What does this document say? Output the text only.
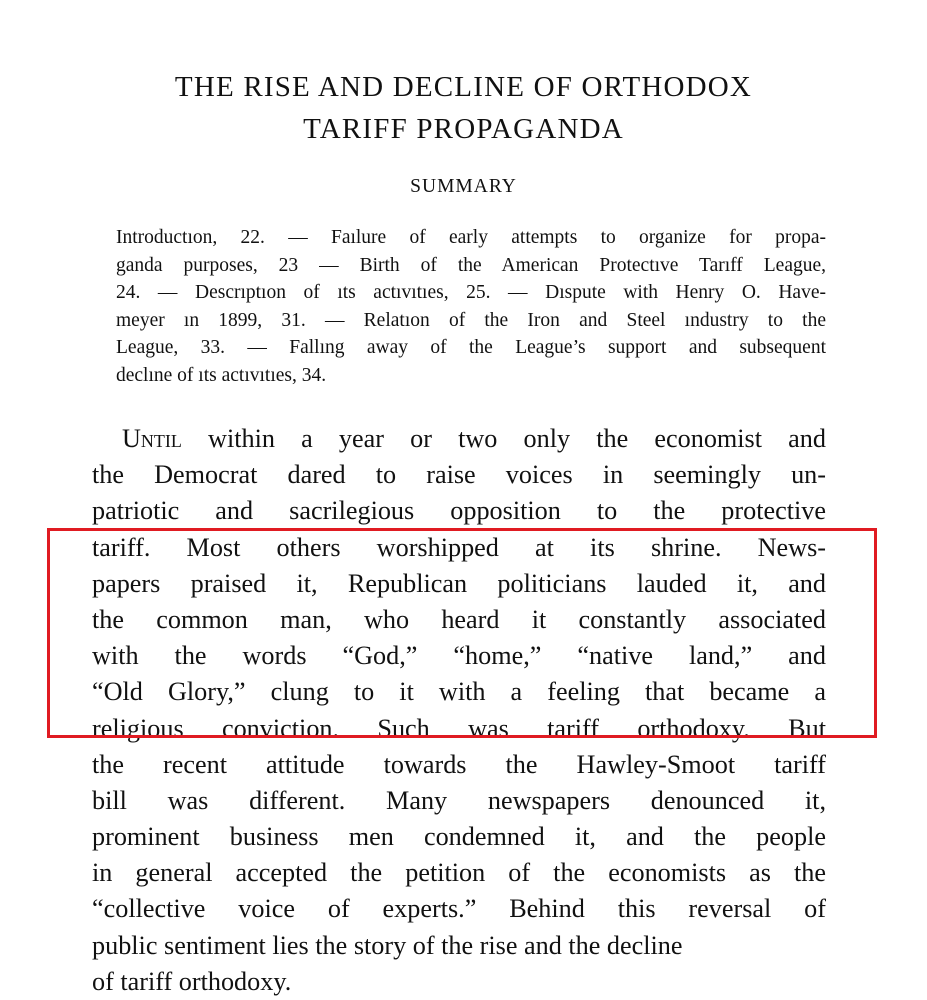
THE RISE AND DECLINE OF ORTHODOX
TARIFF PROPAGANDA
SUMMARY
Introductıon, 22. — Faılure of early attempts to organize for propa-
ganda purposes, 23 — Birth of the American Protectıve Tarıff League,
24. — Descrıptıon of ıts actıvıtıes, 25. — Dıspute with Henry O. Have-
meyer ın 1899, 31. — Relatıon of the Iron and Steel ındustry to the
League, 33. — Fallıng away of the League’s support and subsequent
declıne of ıts actıvıtıes, 34.
Until within a year or two only the economist and
the Democrat dared to raise voices in seemingly un-
patriotic and sacrilegious opposition to the protective
tariff. Most others worshipped at its shrine. News-
papers praised it, Republican politicians lauded it, and
the common man, who heard it constantly associated
with the words “God,” “home,” “native land,” and
“Old Glory,” clung to it with a feeling that became a
religious conviction. Such was tariff orthodoxy. But
the recent attitude towards the Hawley-Smoot tariff
bill was different. Many newspapers denounced it,
prominent business men condemned it, and the people
in general accepted the petition of the economists as the
“collective voice of experts.” Behind this reversal of
public sentiment lies the story of the rise and the decline
of tariff orthodoxy.
